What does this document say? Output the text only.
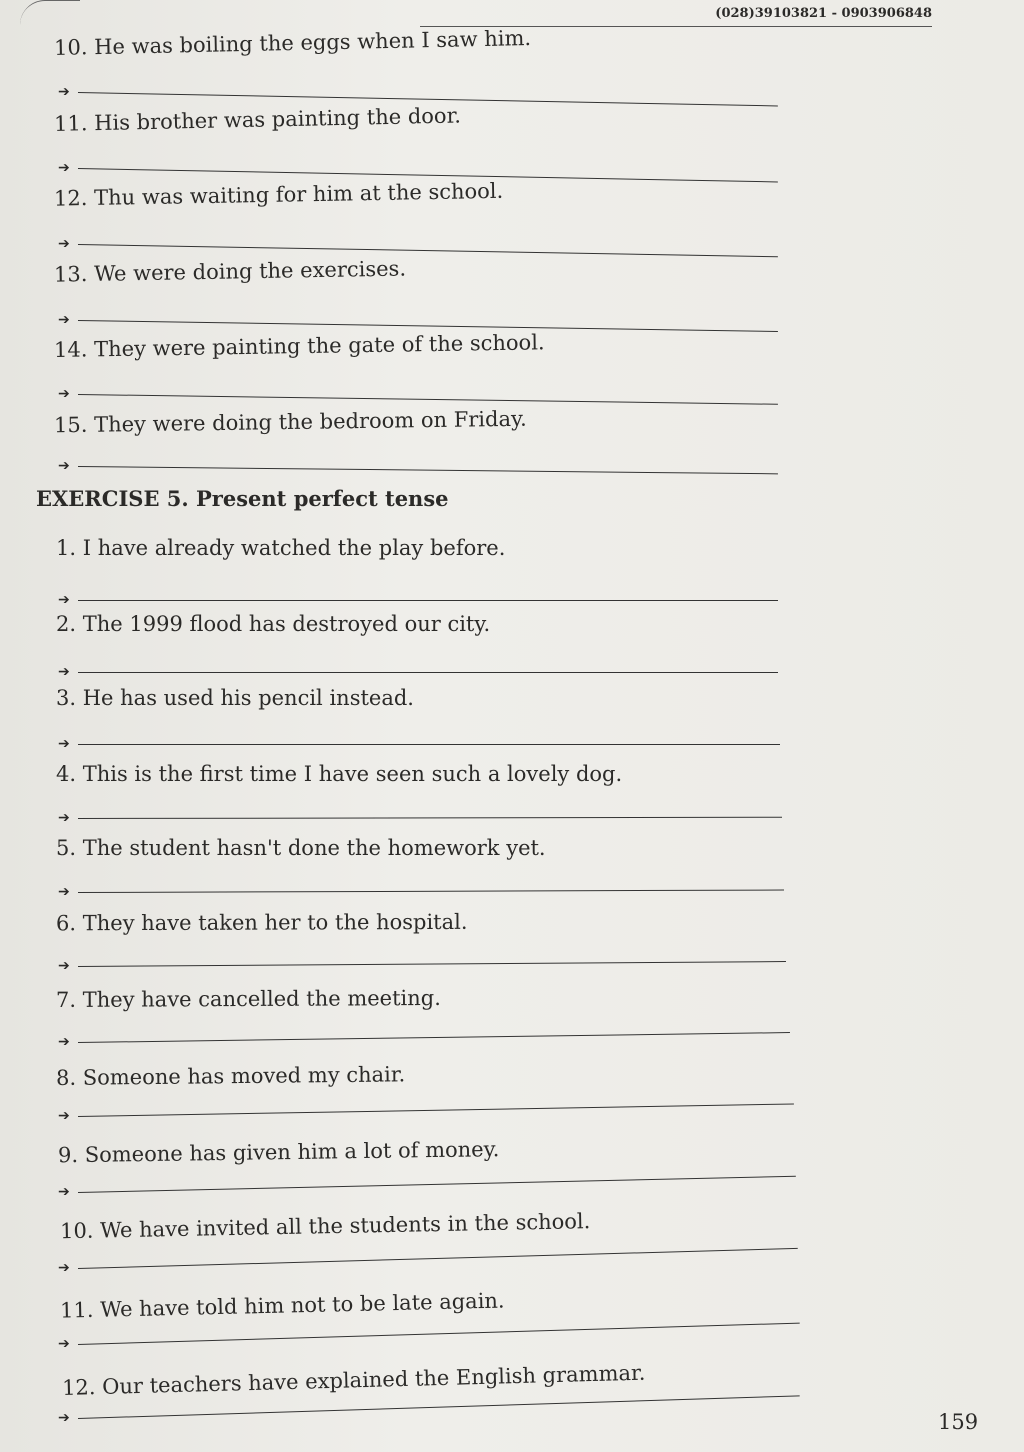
(028)39103821 - 0903906848
10. He was boiling the eggs when I saw him.
➔
11. His brother was painting the door.
➔
12. Thu was waiting for him at the school.
➔
13. We were doing the exercises.
➔
14. They were painting the gate of the school.
➔
15. They were doing the bedroom on Friday.
➔
EXERCISE 5. Present perfect tense
1. I have already watched the play before.
➔
2. The 1999 flood has destroyed our city.
➔
3. He has used his pencil instead.
➔
4. This is the first time I have seen such a lovely dog.
➔
5. The student hasn't done the homework yet.
➔
6. They have taken her to the hospital.
➔
7. They have cancelled the meeting.
➔
8. Someone has moved my chair.
➔
9. Someone has given him a lot of money.
➔
10. We have invited all the students in the school.
➔
11. We have told him not to be late again.
➔
12. Our teachers have explained the English grammar.
➔	159
